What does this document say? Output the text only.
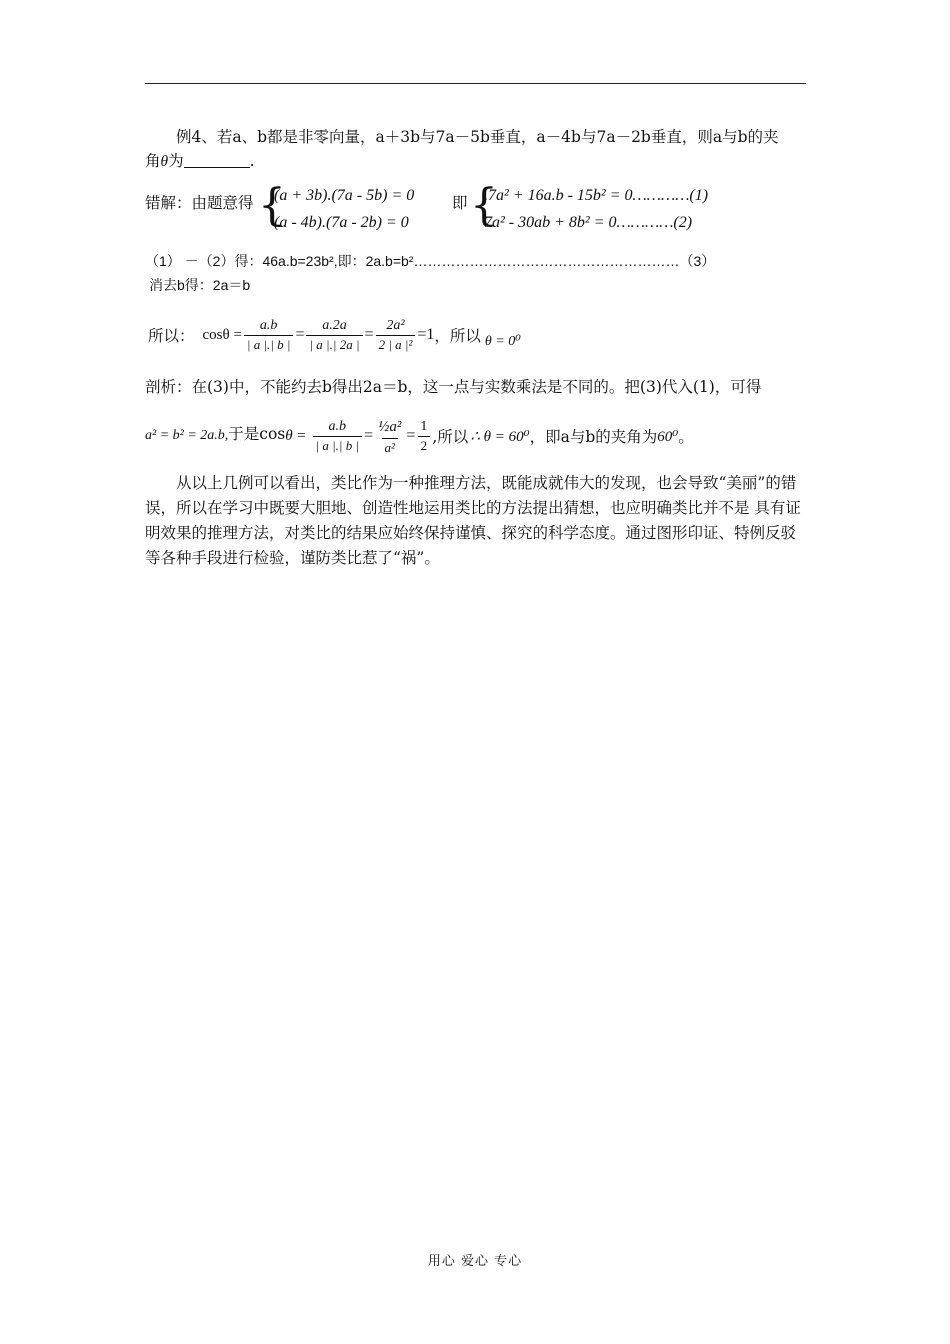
例4、若a、b都是非零向量，a＋3b与7a－5b垂直，a－4b与7a－2b垂直，则a与b的夹
角θ为	.
错解：由题意得 {
(a + 3b).(7a - 5b) = 0
(a - 4b).(7a - 2b) = 0
即 {
.7a² + 16a.b - 15b² = 0…………(1)
7a² - 30ab + 8b² = 0…………(2)
（1） －（2）得：46a.b=23b²,即：2a.b=b²…………………………………………………（3）
消去b得：2a＝b
所以： $\cos\theta = \frac{a.b}{| a |.| b |} = \frac{a.2a}{| a |.| 2a |} = \frac{\text{2a²}}{\text{2 | a |²}} =1$ ，所以 θ = 0⁰
剖析：在(3)中，不能约去b得出2a＝b，这一点与实数乘法是不同的。把(3)代入(1)，可得
a² = b² = 2a.b, 于是$\cos \theta = \frac{a.b}{| a |.| b |} = \frac{\text{½a²}}{\text{a²}} = \frac{1}{2}$ ,所以 ∴ θ = 60⁰ ，即a与b的夹角为 60⁰ 。
从以上几例可以看出，类比作为一种推理方法，既能成就伟大的发现，也会导致“美丽”的错误，所以在学习中既要大胆地、创造性地运用类比的方法提出猜想，也应明确类比并不是 具有证明效果的推理方法，对类比的结果应始终保持谨慎、探究的科学态度。通过图形印证、特例反驳等各种手段进行检验，谨防类比惹了“祸”。
用心 爱心 专心
